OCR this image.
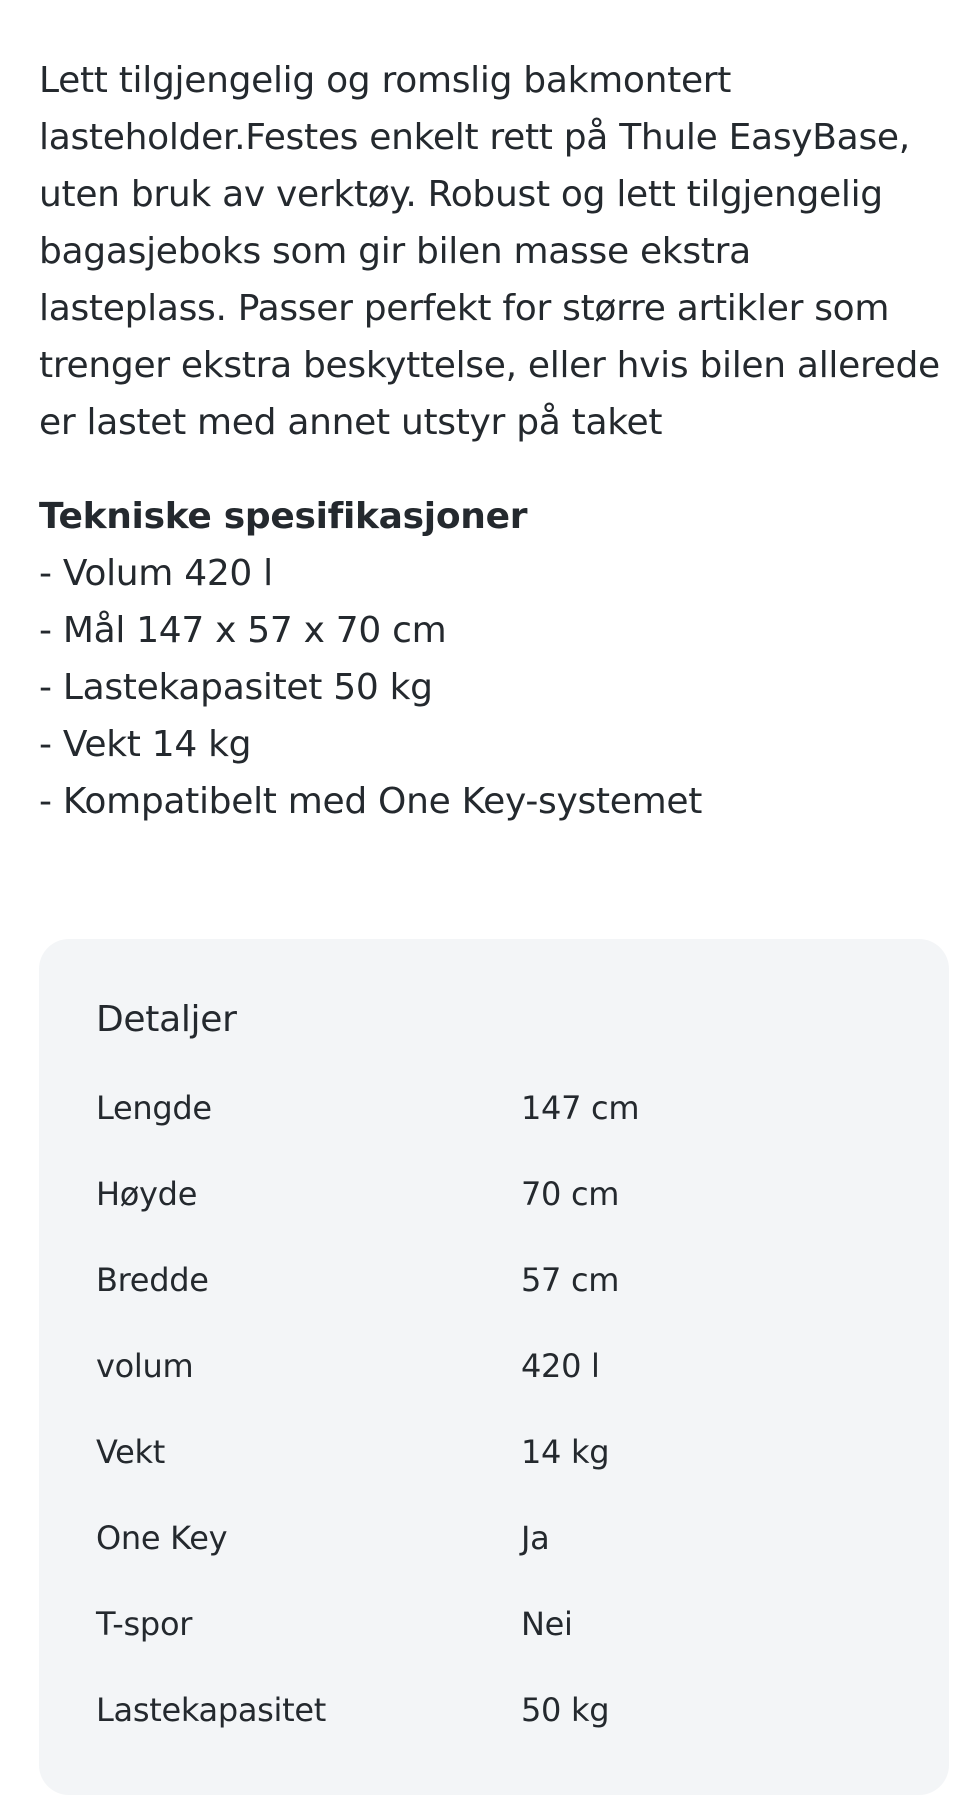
Lett tilgjengelig og romslig bakmontert lasteholder.Festes enkelt rett på Thule EasyBase, uten bruk av verktøy. Robust og lett tilgjengelig bagasjeboks som gir bilen masse ekstra lasteplass. Passer perfekt for større artikler som trenger ekstra beskyttelse, eller hvis bilen allerede er lastet med annet utstyr på taket

Tekniske spesifikasjoner

- Volum 420 l

- Mål 147 x 57 x 70 cm

- Lastekapasitet 50 kg

- Vekt 14 kg

- Kompatibelt med One Key-systemet

Detaljer

Lengde	147 cm
Høyde	70 cm
Bredde	57 cm
volum	420 l
Vekt	14 kg
One Key	Ja
T-spor	Nei
Lastekapasitet	50 kg
